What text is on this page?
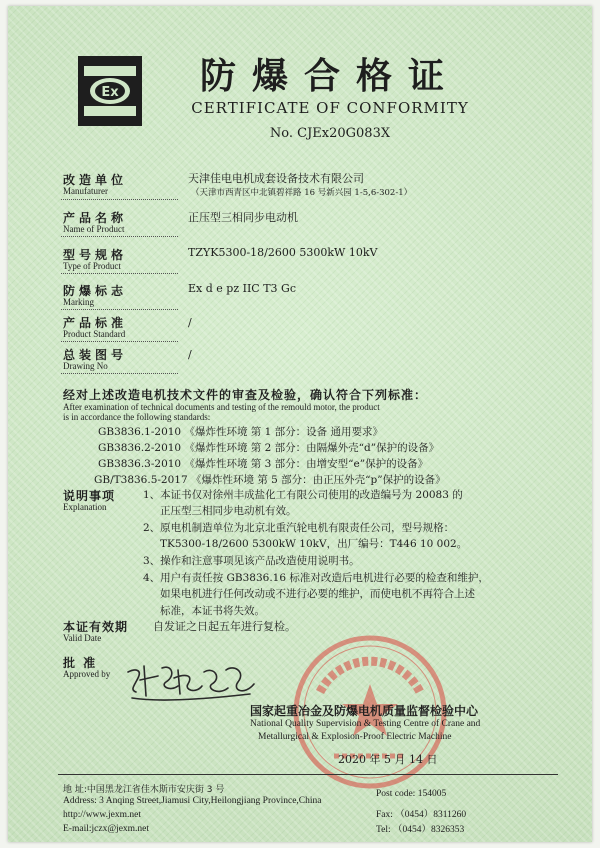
Ex	防爆合格证
CERTIFICATE OF CONFORMITY
No. CJEx20G083X
改造单位
Manufaturer
天津佳电电机成套设备技术有限公司
（天津市西青区中北镇碧祥路 16 号新兴园 1-5,6-302-1）
产品名称
Name of Product
正压型三相同步电动机
型号规格
Type of Product
TZYK5300-18/2600 5300kW 10kV
防爆标志
Marking
Ex d e pz IIC T3 Gc
产品标准
Product Standard
/
总装图号
Drawing No
/
经对上述改造电机技术文件的审查及检验，确认符合下列标准：
After examination of technical documents and testing of the remould motor, the product
is in accordance the following standards:
GB3836.1-2010 《爆炸性环境 第 1 部分：设备 通用要求》
GB3836.2-2010 《爆炸性环境 第 2 部分：由隔爆外壳“d”保护的设备》
GB3836.3-2010 《爆炸性环境 第 3 部分：由增安型“e”保护的设备》
GB/T3836.5-2017 《爆炸性环境 第 5 部分：由正压外壳“p”保护的设备》
说明事项
Explanation
1、本证书仅对徐州丰成盐化工有限公司使用的改造编号为 20083 的
正压型三相同步电动机有效。
2、原电机制造单位为北京北重汽轮电机有限责任公司，型号规格：
TK5300-18/2600 5300kW 10kV，出厂编号：T446 10 002。
3、操作和注意事项见该产品改造使用说明书。
4、用户有责任按 GB3836.16 标准对改造后电机进行必要的检查和维护，
如果电机进行任何改动或不进行必要的维护，而使电机不再符合上述
标准，本证书将失效。
本证有效期
Valid Date
自发证之日起五年进行复检。
批 准
Approved by
国家起重冶金及防爆电机质量监督检验中心
National Quality Supervision & Testing Centre of Crane and
Metallurgical & Explosion-Proof Electric Machine
2020 年 5 月 14 日
地 址:中国黑龙江省佳木斯市安庆街 3 号
Address: 3 Anqing Street,Jiamusi City,Heilongjiang Province,China
http://www.jexm.net
E-mail:jczx@jexm.net
Post code: 154005
Fax: （0454）8311260
Tel: （0454）8326353
